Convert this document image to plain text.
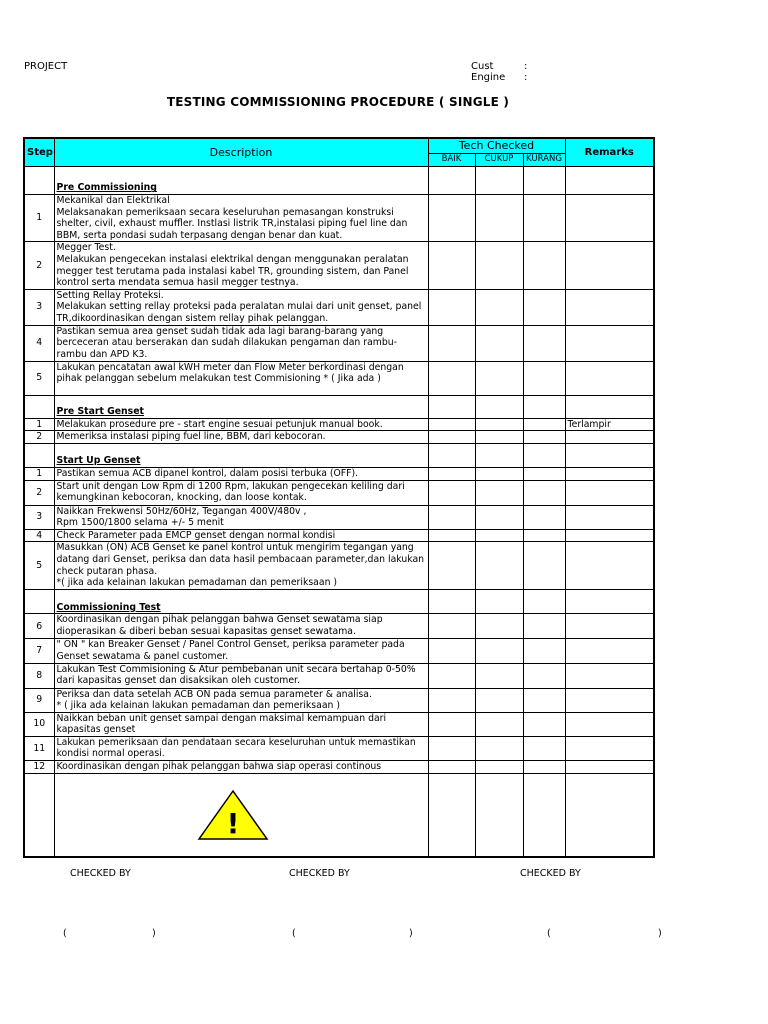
PROJECT	Cust	:
Engine :
TESTING COMMISSIONING PROCEDURE ( SINGLE )
Step	Description	Tech Checked			Remarks
		BAIK	CUKUP	KURANG	
	Pre Commissioning				
1	Mekanikal dan Elektrikal
Melaksanakan pemeriksaan secara keseluruhan pemasangan konstruksi shelter, civil, exhaust muffler. Instlasi listrik TR,instalasi piping fuel line dan BBM, serta pondasi sudah terpasang dengan benar dan kuat.				
2	Megger Test.
Melakukan pengecekan instalasi elektrikal dengan menggunakan peralatan megger test terutama pada instalasi kabel TR, grounding sistem, dan Panel kontrol serta mendata semua hasil megger testnya.				
3	Setting Rellay Proteksi.
Melakukan setting rellay proteksi pada peralatan mulai dari unit genset, panel TR,dikoordinasikan dengan sistem rellay pihak pelanggan.				
4	Pastikan semua area genset sudah tidak ada lagi barang-barang yang berceceran atau berserakan dan sudah dilakukan pengaman dan rambu-rambu dan APD K3.				
5	Lakukan pencatatan awal kWH meter dan Flow Meter berkordinasi dengan pihak pelanggan sebelum melakukan test Commisioning * ( Jika ada )				
	Pre Start Genset				
1	Melakukan prosedure pre - start engine sesuai petunjuk manual book.				Terlampir
2	Memeriksa instalasi piping fuel line, BBM, dari kebocoran.				
	Start Up Genset				
1	Pastikan semua ACB dipanel kontrol, dalam posisi terbuka (OFF).				
2	Start unit dengan Low Rpm di 1200 Rpm, lakukan pengecekan keliling dari kemungkinan kebocoran, knocking, dan loose kontak.				
3	Naikkan Frekwensi 50Hz/60Hz, Tegangan 400V/480v ,
Rpm 1500/1800 selama +/- 5 menit				
4	Check Parameter pada EMCP genset dengan normal kondisi				
5	Masukkan (ON) ACB Genset ke panel kontrol untuk mengirim tegangan yang datang dari Genset, periksa dan data hasil pembacaan parameter,dan lakukan check putaran phasa.
*( jika ada kelainan lakukan pemadaman dan pemeriksaan )				
	Commissioning Test				
6	Koordinasikan dengan pihak pelanggan bahwa Genset sewatama siap dioperasikan & diberi beban sesuai kapasitas genset sewatama.				
7	" ON " kan Breaker Genset / Panel Control Genset, periksa parameter pada Genset sewatama & panel customer.				
8	Lakukan Test Commisioning & Atur pembebanan unit secara bertahap 0-50% dari kapasitas genset dan disaksikan oleh customer.				
9	Periksa dan data setelah ACB ON pada semua parameter & analisa.
* ( jika ada kelainan lakukan pemadaman dan pemeriksaan )				
10	Naikkan beban unit genset sampai dengan maksimal kemampuan dari kapasitas genset				
11	Lakukan pemeriksaan dan pendataan secara keseluruhan untuk memastikan kondisi normal operasi.				
12	Koordinasikan dengan pihak pelanggan bahwa siap operasi continous				

!				

CHECKED BY	CHECKED BY	CHECKED BY
(	)	(	)	(	)
